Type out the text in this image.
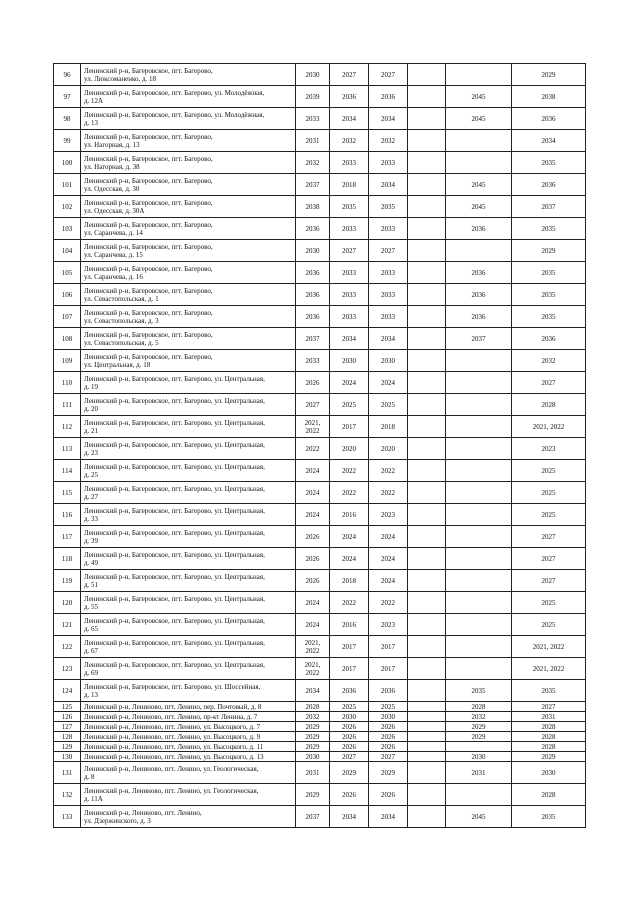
96	Ленинский р-н, Багеровское, пгт. Багерово,
ул. Люксоманенко, д. 18	2030	2027	2027			2029
97	Ленинский р-н, Багеровское, пгт. Багерово, ул. Молодёжная,
д. 12А	2039	2036	2036		2045	2038
98	Ленинский р-н, Багеровское, пгт. Багерово, ул. Молодёжная,
д. 13	2033	2034	2034		2045	2036
99	Ленинский р-н, Багеровское, пгт. Багерово,
ул. Нагорная, д. 13	2031	2032	2032			2034
100	Ленинский р-н, Багеровское, пгт. Багерово,
ул. Нагорная, д. 38	2032	2033	2033			2035
101	Ленинский р-н, Багеровское, пгт. Багерово,
ул. Одесская, д. 30	2037	2018	2034		2045	2036
102	Ленинский р-н, Багеровское, пгт. Багерово,
ул. Одесская, д. 30А	2038	2035	2035		2045	2037
103	Ленинский р-н, Багеровское, пгт. Багерово,
ул. Саранчева, д. 14	2036	2033	2033		2036	2035
104	Ленинский р-н, Багеровское, пгт. Багерово,
ул. Саранчева, д. 15	2030	2027	2027			2029
105	Ленинский р-н, Багеровское, пгт. Багерово,
ул. Саранчева, д. 16	2036	2033	2033		2036	2035
106	Ленинский р-н, Багеровское, пгт. Багерово,
ул. Севастопольская, д. 1	2036	2033	2033		2036	2035
107	Ленинский р-н, Багеровское, пгт. Багерово,
ул. Севастопольская, д. 3	2036	2033	2033		2036	2035
108	Ленинский р-н, Багеровское, пгт. Багерово,
ул. Севастопольская, д. 5	2037	2034	2034		2037	2036
109	Ленинский р-н, Багеровское, пгт. Багерово,
ул. Центральная, д. 18	2033	2030	2030			2032
110	Ленинский р-н, Багеровское, пгт. Багерово, ул. Центральная,
д. 19	2026	2024	2024			2027
111	Ленинский р-н, Багеровское, пгт. Багерово, ул. Центральная,
д. 20	2027	2025	2025			2028
112	Ленинский р-н, Багеровское, пгт. Багерово, ул. Центральная,
д. 21	2021, 2022	2017	2018			2021, 2022
113	Ленинский р-н, Багеровское, пгт. Багерово, ул. Центральная,
д. 23	2022	2020	2020			2023
114	Ленинский р-н, Багеровское, пгт. Багерово, ул. Центральная,
д. 25	2024	2022	2022			2025
115	Ленинский р-н, Багеровское, пгт. Багерово, ул. Центральная,
д. 27	2024	2022	2022			2025
116	Ленинский р-н, Багеровское, пгт. Багерово, ул. Центральная,
д. 33	2024	2016	2023			2025
117	Ленинский р-н, Багеровское, пгт. Багерово, ул. Центральная,
д. 39	2026	2024	2024			2027
118	Ленинский р-н, Багеровское, пгт. Багерово, ул. Центральная,
д. 49	2026	2024	2024			2027
119	Ленинский р-н, Багеровское, пгт. Багерово, ул. Центральная,
д. 51	2026	2018	2024			2027
120	Ленинский р-н, Багеровское, пгт. Багерово, ул. Центральная,
д. 55	2024	2022	2022			2025
121	Ленинский р-н, Багеровское, пгт. Багерово, ул. Центральная,
д. 65	2024	2016	2023			2025
122	Ленинский р-н, Багеровское, пгт. Багерово, ул. Центральная,
д. 67	2021, 2022	2017	2017			2021, 2022
123	Ленинский р-н, Багеровское, пгт. Багерово, ул. Центральная,
д. 69	2021, 2022	2017	2017			2021, 2022
124	Ленинский р-н, Багеровское, пгт. Багерово, ул. Шоссейная,
д. 13	2034	2036	2036		2035	2035
125	Ленинский р-н, Лениново, пгт. Ленино, пер. Почтовый, д. 8	2028	2025	2025		2028	2027
126	Ленинский р-н, Лениново, пгт. Ленино, пр-кт Ленина, д. 7	2032	2030	2030		2032	2031
127	Ленинский р-н, Лениново, пгт. Ленино, ул. Высоцкого, д. 7	2029	2026	2026		2029	2028
128	Ленинский р-н, Лениново, пгт. Ленино, ул. Высоцкого, д. 9	2029	2026	2026		2029	2028
129	Ленинский р-н, Лениново, пгт. Ленино, ул. Высоцкого, д. 11	2029	2026	2026			2028
130	Ленинский р-н, Лениново, пгт. Ленино, ул. Высоцкого, д. 13	2030	2027	2027		2030	2029
131	Ленинский р-н, Лениново, пгт. Ленино, ул. Геологическая,
д. 8	2031	2029	2029		2031	2030
132	Ленинский р-н, Лениново, пгт. Ленино, ул. Геологическая,
д. 11А	2029	2026	2026			2028
133	Ленинский р-н, Лениново, пгт. Ленино,
ул. Дзержинского, д. 3	2037	2034	2034		2045	2035
